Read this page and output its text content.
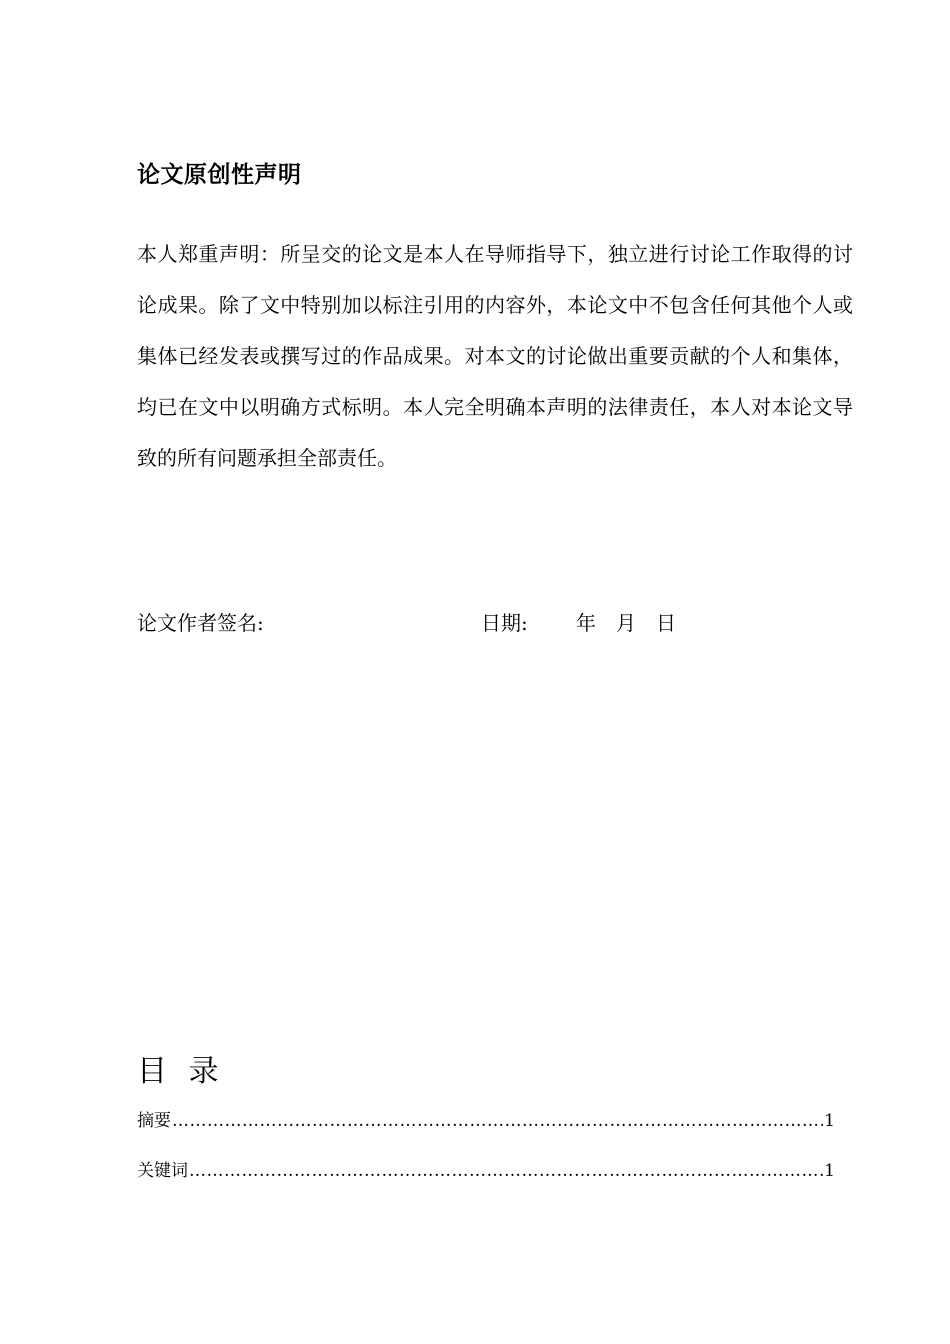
论文原创性声明

本人郑重声明：所呈交的论文是本人在导师指导下，独立进行讨论工作取得的讨论成果。除了文中特别加以标注引用的内容外，本论文中不包含任何其他个人或集体已经发表或撰写过的作品成果。对本文的讨论做出重要贡献的个人和集体，均已在文中以明确方式标明。本人完全明确本声明的法律责任，本人对本论文导致的所有问题承担全部责任。

论文作者签名:	日期: 年 月 日
目 录
摘要 …………………………………………………………………………………………………………………………………………………………………………………………	1
关键词 …………………………………………………………………………………………………………………………………………………………………………………………	1
